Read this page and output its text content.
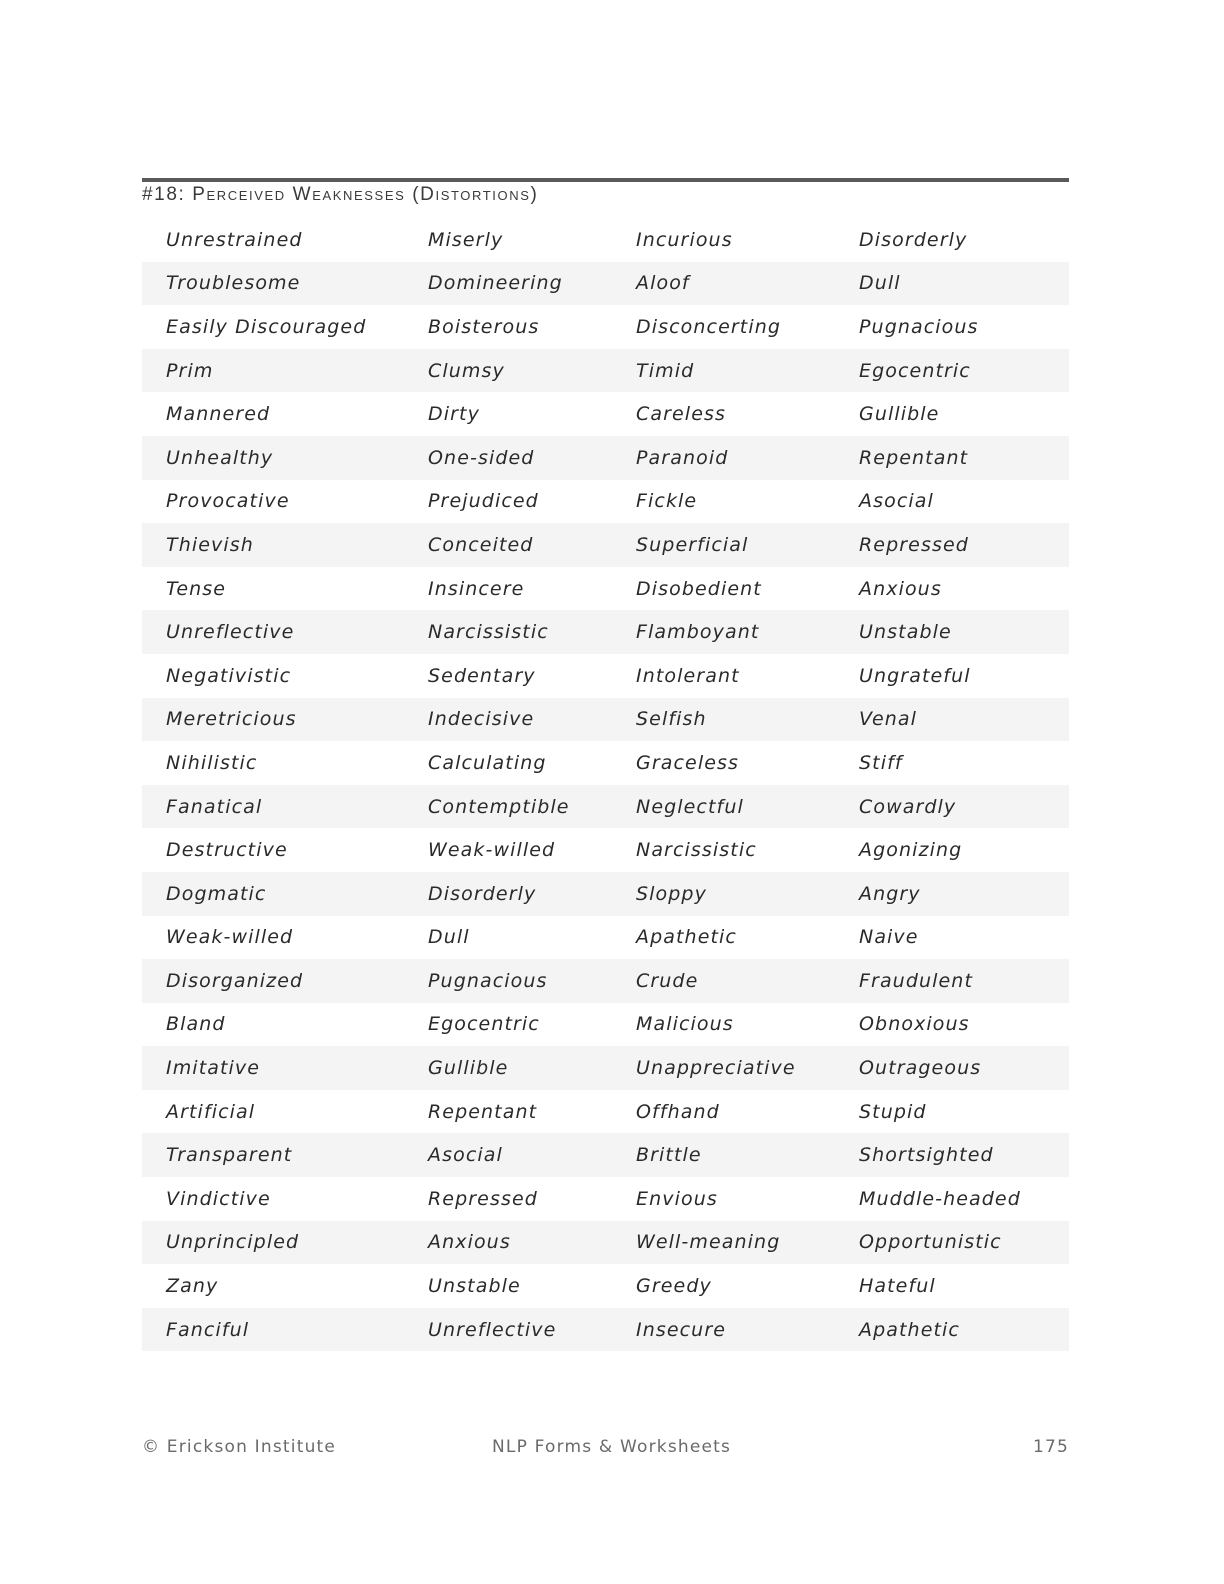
#18: Perceived Weaknesses (Distortions)
Unrestrained	Miserly	Incurious	Disorderly
Troublesome	Domineering	Aloof	Dull
Easily Discouraged	Boisterous	Disconcerting	Pugnacious
Prim	Clumsy	Timid	Egocentric
Mannered	Dirty	Careless	Gullible
Unhealthy	One-sided	Paranoid	Repentant
Provocative	Prejudiced	Fickle	Asocial
Thievish	Conceited	Superficial	Repressed
Tense	Insincere	Disobedient	Anxious
Unreflective	Narcissistic	Flamboyant	Unstable
Negativistic	Sedentary	Intolerant	Ungrateful
Meretricious	Indecisive	Selfish	Venal
Nihilistic	Calculating	Graceless	Stiff
Fanatical	Contemptible	Neglectful	Cowardly
Destructive	Weak-willed	Narcissistic	Agonizing
Dogmatic	Disorderly	Sloppy	Angry
Weak-willed	Dull	Apathetic	Naive
Disorganized	Pugnacious	Crude	Fraudulent
Bland	Egocentric	Malicious	Obnoxious
Imitative	Gullible	Unappreciative	Outrageous
Artificial	Repentant	Offhand	Stupid
Transparent	Asocial	Brittle	Shortsighted
Vindictive	Repressed	Envious	Muddle-headed
Unprincipled	Anxious	Well-meaning	Opportunistic
Zany	Unstable	Greedy	Hateful
Fanciful	Unreflective	Insecure	Apathetic
© Erickson Institute	NLP Forms & Worksheets	175
